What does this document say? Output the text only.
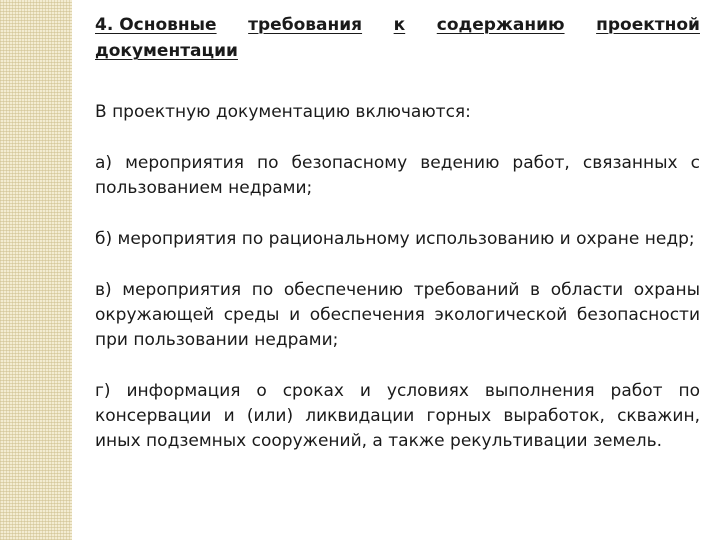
4. Основные требования к содержанию проектной
документации

В проектную документацию включаются:

а) мероприятия по безопасному ведению работ, связанных с пользованием недрами;

б) мероприятия по рациональному использованию и охране недр;

в) мероприятия по обеспечению требований в области охраны окружающей среды и обеспечения экологической безопасности при пользовании недрами;

г) информация о сроках и условиях выполнения работ по консервации и (или) ликвидации горных выработок, скважин, иных подземных сооружений, а также рекультивации земель.
